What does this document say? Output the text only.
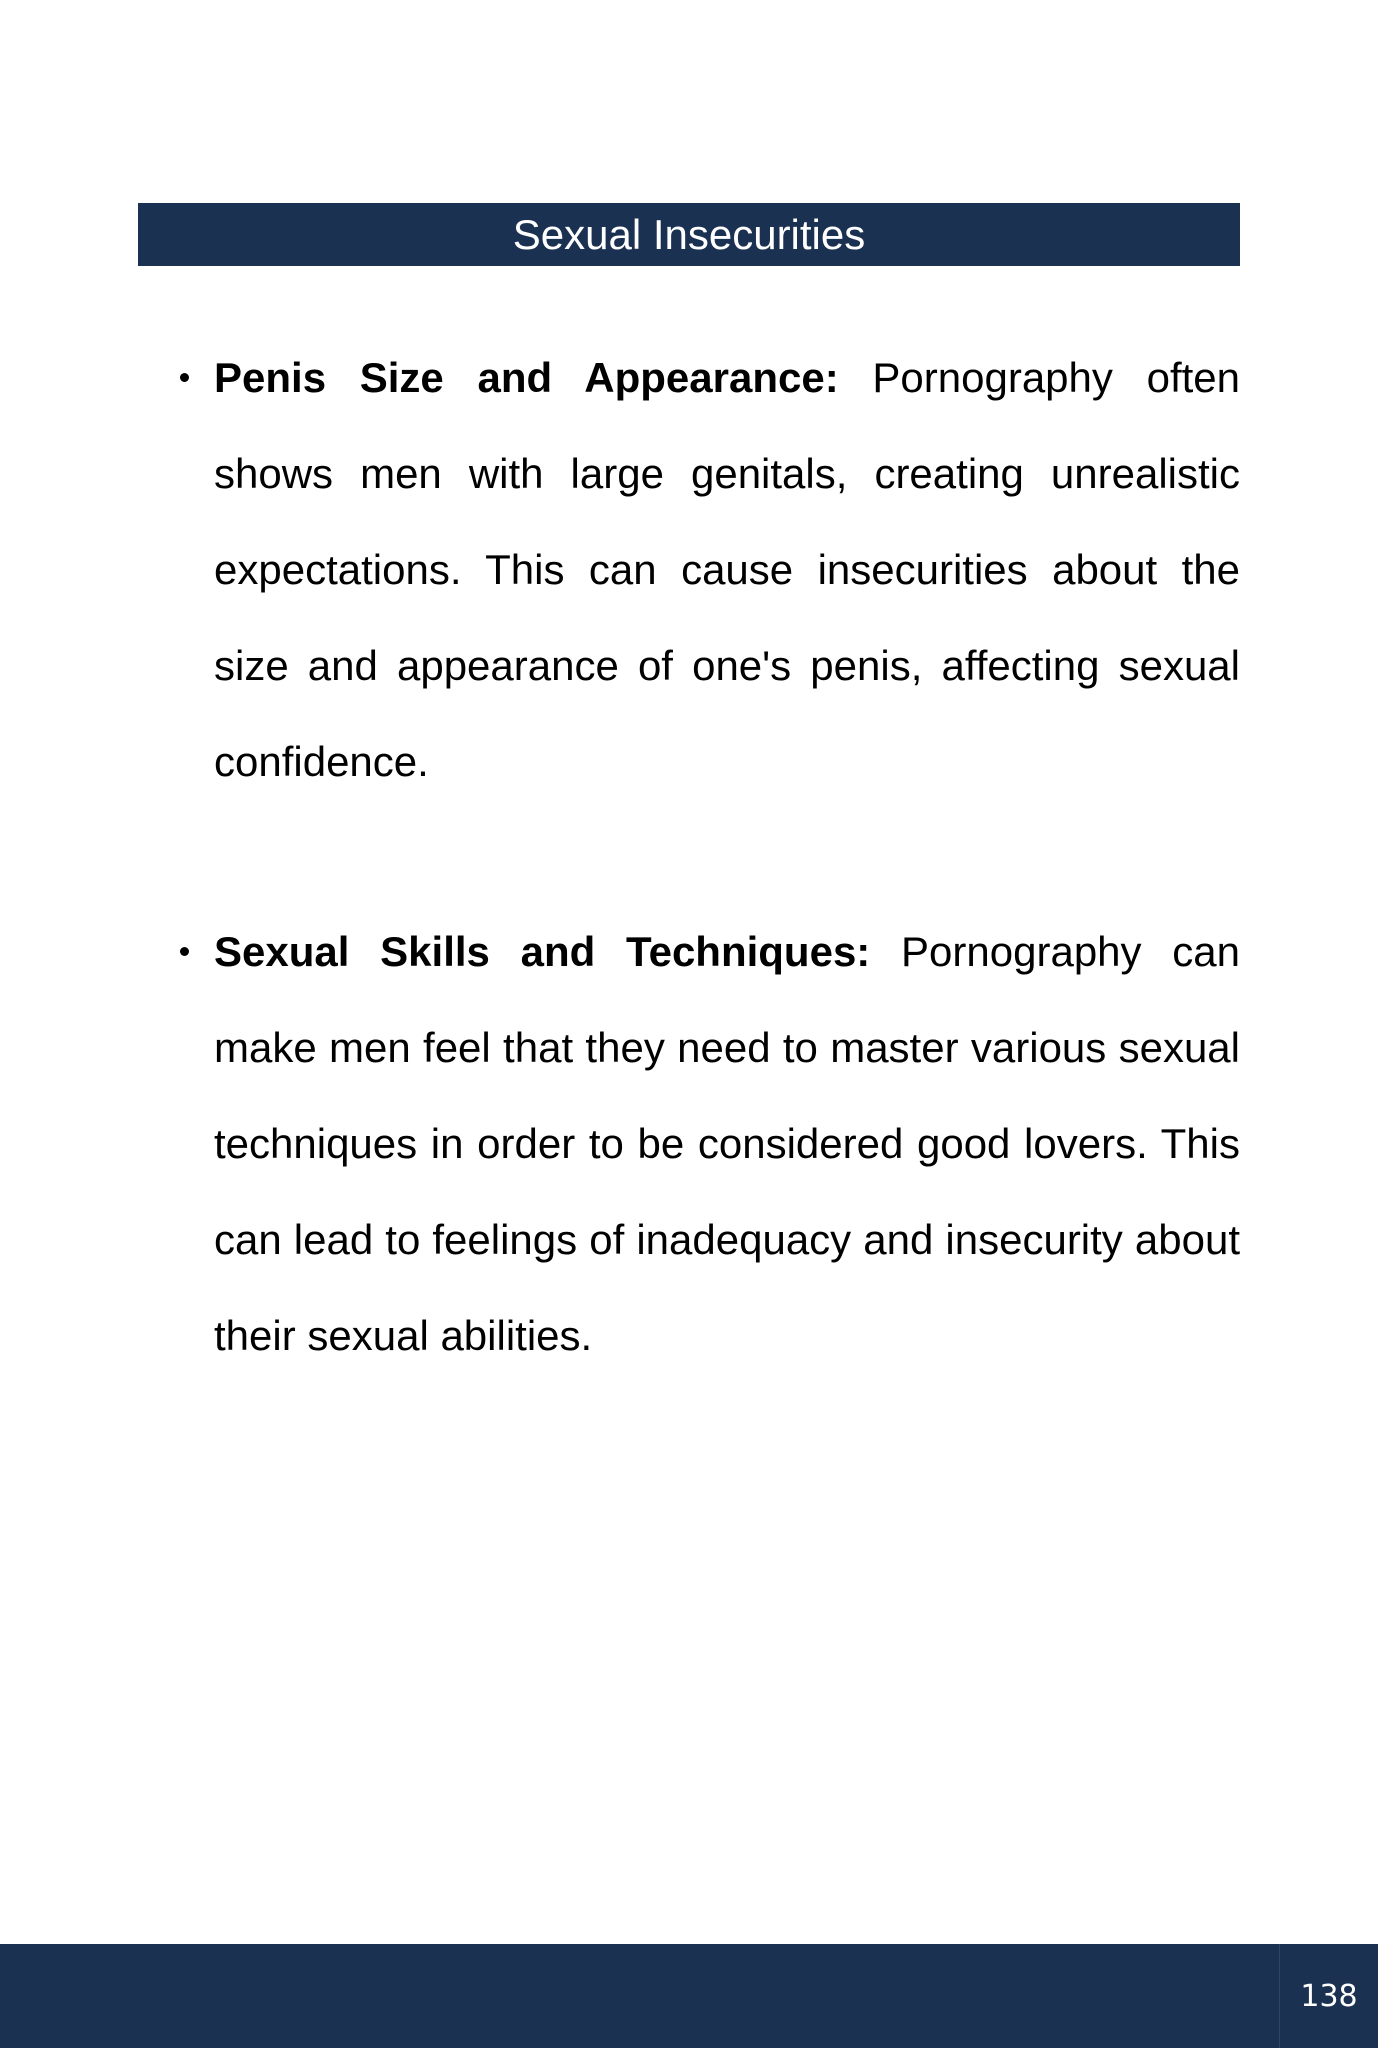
Sexual Insecurities

Penis Size and Appearance: Pornography often shows men with large genitals, creating unrealistic expectations. This can cause insecurities about the size and appearance of one's penis, affecting sexual confidence.

Sexual Skills and Techniques: Pornography can make men feel that they need to master various sexual techniques in order to be considered good lovers. This can lead to feelings of inadequacy and insecurity about their sexual abilities.

138
